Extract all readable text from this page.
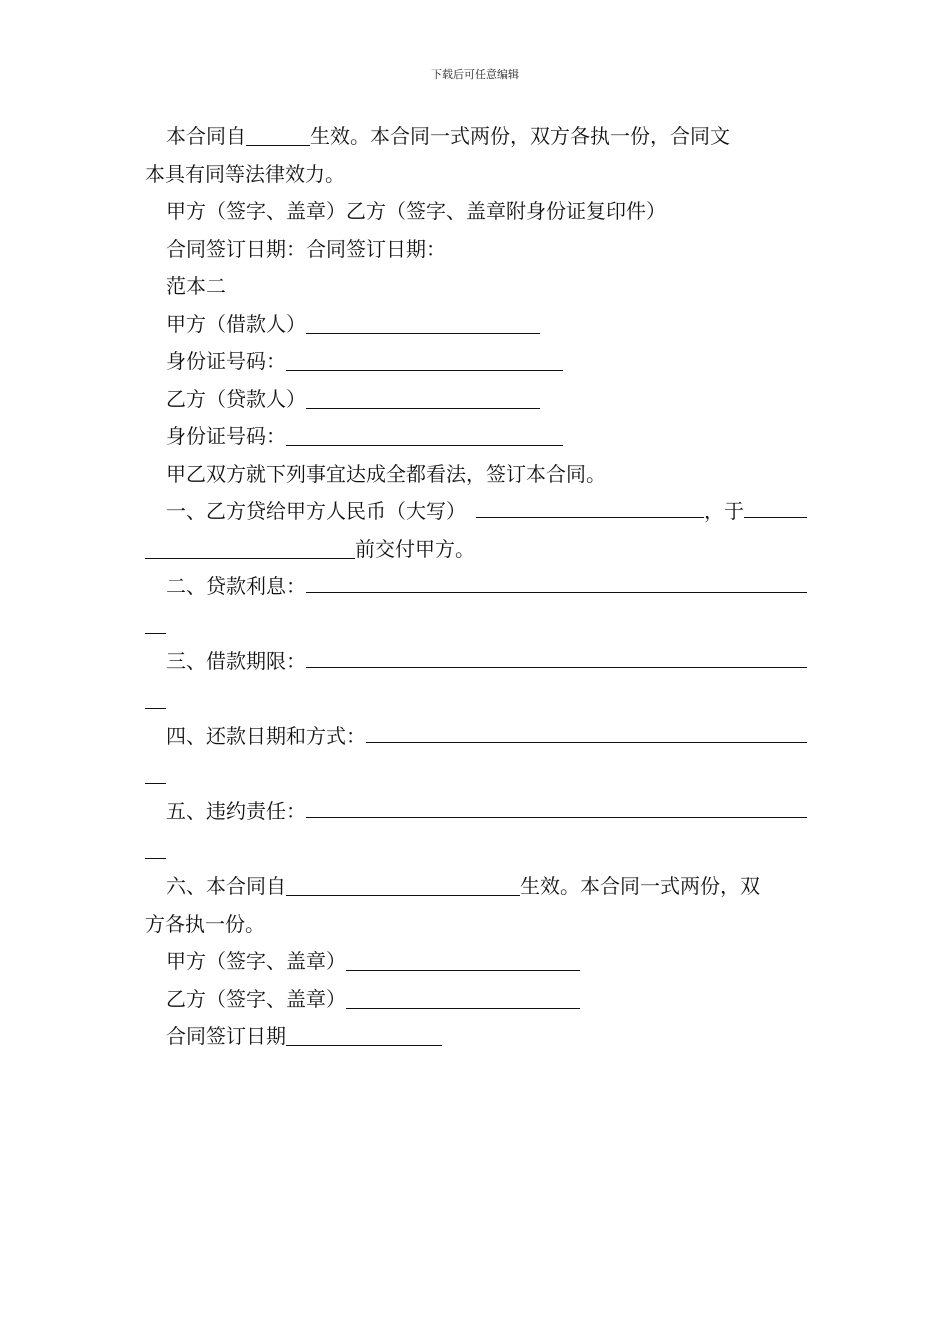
下载后可任意编辑
本合同自	生效。本合同一式两份，双方各执一份，合同文
本具有同等法律效力。
甲方（签字、盖章）乙方（签字、盖章附身份证复印件）
合同签订日期：合同签订日期：
范本二
甲方（借款人）
身份证号码：
乙方（贷款人）
身份证号码：
甲乙双方就下列事宜达成全都看法，签订本合同。
一、乙方贷给甲方人民币（大写）	，于
前交付甲方。
二、贷款利息：
三、借款期限：
四、还款日期和方式：
五、违约责任：
六、本合同自	生效。本合同一式两份，双
方各执一份。
甲方（签字、盖章）
乙方（签字、盖章）
合同签订日期
